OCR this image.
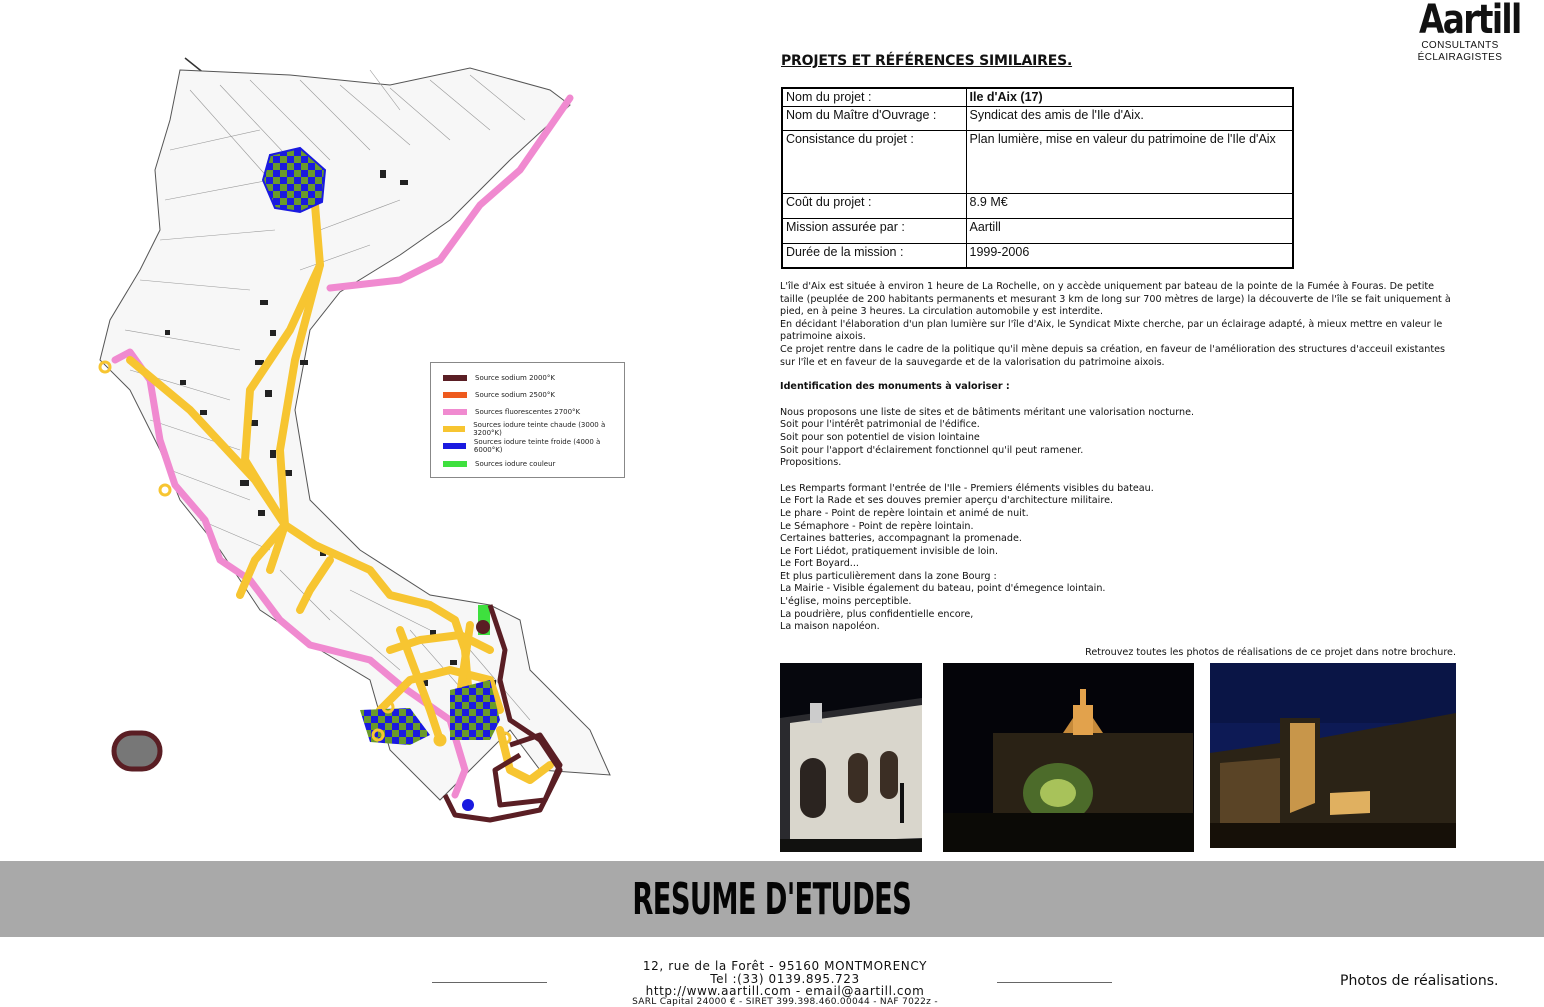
Aartill
CONSULTANTS
ÉCLAIRAGISTES
Source sodium 2000°K
Source sodium 2500°K
Sources fluorescentes 2700°K
Sources iodure teinte chaude (3000 à 3200°K)
Sources iodure teinte froide (4000 à 6000°K)
Sources iodure couleur
PROJETS ET RÉFÉRENCES SIMILAIRES.
Nom du projet :	Ile d'Aix (17)
Nom du Maître d'Ouvrage :	Syndicat des amis de l'Ile d'Aix.
Consistance du projet :	Plan lumière, mise en valeur du patrimoine de l'Ile d'Aix
Coût du projet :	8.9 M€
Mission assurée par :	Aartill
Durée de la mission :	1999-2006

L'île d'Aix est située à environ 1 heure de La Rochelle, on y accède uniquement par bateau de la pointe de la Fumée à Fouras. De petite taille (peuplée de 200 habitants permanents et mesurant 3 km de long sur 700 mètres de large) la découverte de l'île se fait uniquement à pied, en à peine 3 heures. La circulation automobile y est interdite.

En décidant l'élaboration d'un plan lumière sur l'île d'Aix, le Syndicat Mixte cherche, par un éclairage adapté, à mieux mettre en valeur le patrimoine aixois.

Ce projet rentre dans le cadre de la politique qu'il mène depuis sa création, en faveur de l'amélioration des structures d'acceuil existantes sur l'île et en faveur de la sauvegarde et de la valorisation du patrimoine aixois.

Identification des monuments à valoriser :

Nous proposons une liste de sites et de bâtiments méritant une valorisation nocturne.

Soit pour l'intérêt patrimonial de l'édifice.

Soit pour son potentiel de vision lointaine

Soit pour l'apport d'éclairement fonctionnel qu'il peut ramener.

Propositions.

Les Remparts formant l'entrée de l'Ile - Premiers éléments visibles du bateau.

Le Fort la Rade et ses douves premier aperçu d'architecture militaire.

Le phare - Point de repère lointain et animé de nuit.

Le Sémaphore - Point de repère lointain.

Certaines batteries, accompagnant la promenade.

Le Fort Liédot, pratiquement invisible de loin.

Le Fort Boyard...

Et plus particulièrement dans la zone Bourg :

La Mairie - Visible également du bateau, point d'émegence lointain.

L'église, moins perceptible.

La poudrière, plus confidentielle encore,

La maison napoléon.

Retrouvez toutes les photos de réalisations de ce projet dans notre brochure.
RESUME D'ETUDES
12, rue de la Forêt - 95160 MONTMORENCY
Tel :(33) 0139.895.723
http://www.aartill.com - email@aartill.com
SARL Capital 24000 € - SIRET 399.398.460.00044 - NAF 7022z -
Photos de réalisations.
